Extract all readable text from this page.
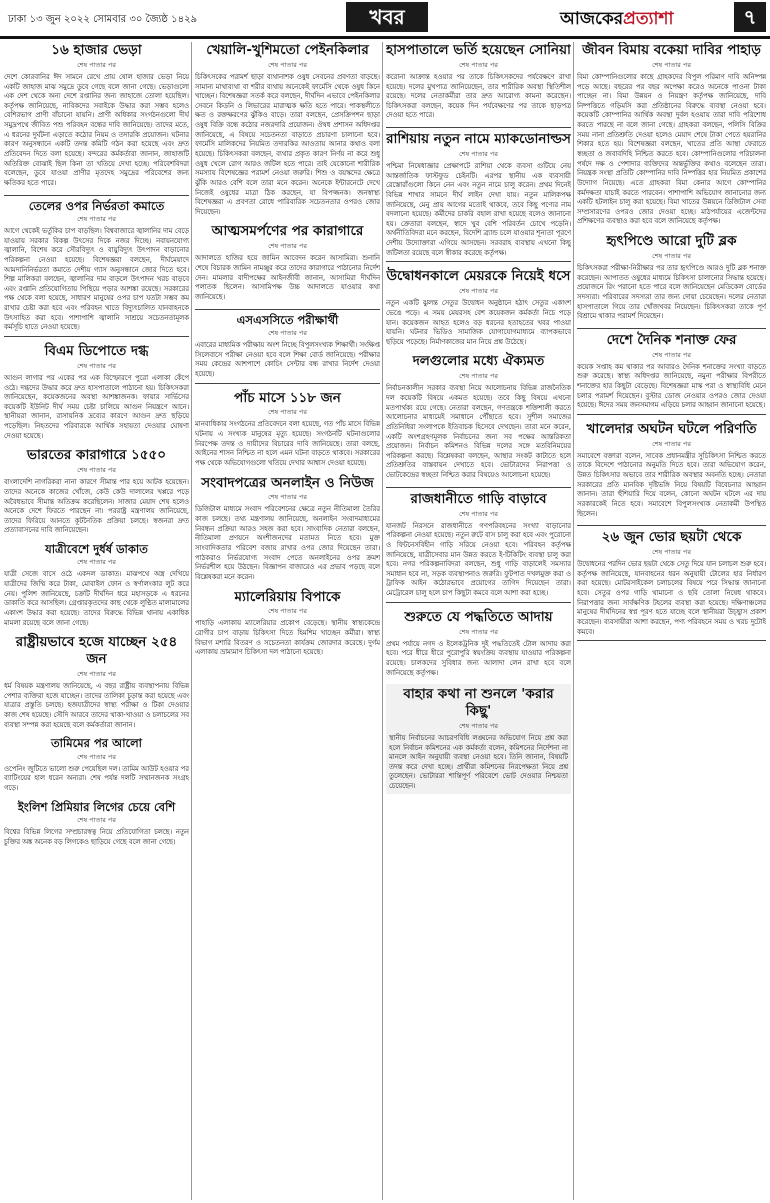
ঢাকা ১৩ জুন ২০২২ সোমবার ৩০ জ্যৈষ্ঠ ১৪২৯	খবর	আজকেরপ্রত্যাশা	৭
১৬ হাজার ভেড়া
শেষ পাতার পর

দেশে কোরবানির ঈদ সামনে রেখে প্রায় ষোল হাজার ভেড়া নিয়ে একটি জাহাজ মাঝ সমুদ্রে ডুবে গেছে বলে জানা গেছে। ভেড়াগুলো এক দেশ থেকে অন্য দেশে রপ্তানির জন্য জাহাজে তোলা হয়েছিল। কর্তৃপক্ষ জানিয়েছে, নাবিকদের সবাইকে উদ্ধার করা সম্ভব হলেও বেশিরভাগ প্রাণী বাঁচানো যায়নি। প্রাণী অধিকার সংগঠনগুলো দীর্ঘ সমুদ্রপথে জীবিত পশু পরিবহন বন্ধের দাবি জানিয়েছে। তাদের মতে, এ ধরনের দুর্ঘটনা এড়াতে কঠোর নিয়ম ও তদারকি প্রয়োজন। ঘটনার কারণ অনুসন্ধানে একটি তদন্ত কমিটি গঠন করা হয়েছে এবং দ্রুত প্রতিবেদন দিতে বলা হয়েছে। বন্দরের কর্মকর্তারা জানান, জাহাজটি অতিরিক্ত বোঝাই ছিল কিনা তা খতিয়ে দেখা হচ্ছে। পরিবেশবিদরা বলেছেন, ডুবে যাওয়া প্রাণীর মৃতদেহ সমুদ্রের পরিবেশের জন্য ক্ষতিকর হতে পারে।

তেলের ওপর নির্ভরতা কমাতে
শেষ পাতার পর

আগে থেকেই ভর্তুকির চাপ বাড়ছিল। বিশ্ববাজারে জ্বালানির দাম বেড়ে যাওয়ায় সরকার বিকল্প উৎসের দিকে নজর দিচ্ছে। নবায়নযোগ্য জ্বালানি, বিশেষ করে সৌরবিদ্যুৎ ও বায়ুবিদ্যুৎ উৎপাদন বাড়ানোর পরিকল্পনা নেওয়া হয়েছে। বিশেষজ্ঞরা বলছেন, দীর্ঘমেয়াদে আমদানিনির্ভরতা কমাতে দেশীয় গ্যাস অনুসন্ধানে জোর দিতে হবে। শিল্প মালিকরা বলছেন, জ্বালানির দাম বাড়লে উৎপাদন খরচ বাড়বে এবং রপ্তানি প্রতিযোগিতায় পিছিয়ে পড়ার আশঙ্কা রয়েছে। সরকারের পক্ষ থেকে বলা হয়েছে, সাধারণ মানুষের ওপর চাপ যতটা সম্ভব কম রাখার চেষ্টা করা হবে এবং পরিবহন খাতে বিদ্যুৎচালিত যানবাহনকে উৎসাহিত করা হবে। পাশাপাশি জ্বালানি সাশ্রয়ে সচেতনতামূলক কর্মসূচি হাতে নেওয়া হয়েছে।

বিএম ডিপোতে দগ্ধ
শেষ পাতার পর

আগুন লাগার পর একের পর এক বিস্ফোরণে পুরো এলাকা কেঁপে ওঠে। দগ্ধদের উদ্ধার করে দ্রুত হাসপাতালে পাঠানো হয়। চিকিৎসকরা জানিয়েছেন, কয়েকজনের অবস্থা আশঙ্কাজনক। ফায়ার সার্ভিসের কয়েকটি ইউনিট দীর্ঘ সময় চেষ্টা চালিয়ে আগুন নিয়ন্ত্রণে আনে। স্থানীয়রা জানান, রাসায়নিক দ্রব্যের কারণে আগুন দ্রুত ছড়িয়ে পড়েছিল। নিহতদের পরিবারকে আর্থিক সহায়তা দেওয়ার ঘোষণা দেওয়া হয়েছে।

ভারতের কারাগারে ১৫৫০
শেষ পাতার পর

বাংলাদেশি নাগরিকরা নানা কারণে সীমান্ত পার হয়ে আটক হয়েছেন। তাদের অনেকে কাজের খোঁজে, কেউ কেউ দালালের খপ্পরে পড়ে অবৈধভাবে সীমান্ত অতিক্রম করেছিলেন। সাজার মেয়াদ শেষ হলেও অনেকে দেশে ফিরতে পারছেন না। পররাষ্ট্র মন্ত্রণালয় জানিয়েছে, তাদের ফিরিয়ে আনতে কূটনৈতিক প্রক্রিয়া চলছে। স্বজনরা দ্রুত প্রত্যাবাসনের দাবি জানিয়েছেন।

যাত্রীবেশে দুর্ধর্ষ ডাকাত
শেষ পাতার পর

যাত্রী সেজে বাসে ওঠে একদল ডাকাত। মাঝপথে অস্ত্র দেখিয়ে যাত্রীদের জিম্মি করে টাকা, মোবাইল ফোন ও স্বর্ণালংকার লুট করে নেয়। পুলিশ জানিয়েছে, চক্রটি দীর্ঘদিন ধরে মহাসড়কে এ ধরনের ডাকাতি করে আসছিল। গ্রেপ্তারকৃতদের কাছ থেকে লুণ্ঠিত মালামালের একাংশ উদ্ধার করা হয়েছে। তাদের বিরুদ্ধে বিভিন্ন থানায় একাধিক মামলা রয়েছে বলে জানা গেছে।

রাষ্ট্রীয়ভাবে হজে যাচ্ছেন ২৫৪ জন
শেষ পাতার পর

ধর্ম বিষয়ক মন্ত্রণালয় জানিয়েছে, এ বছর রাষ্ট্রীয় ব্যবস্থাপনায় বিভিন্ন পেশার ব্যক্তিরা হজে যাচ্ছেন। তাদের তালিকা চূড়ান্ত করা হয়েছে এবং যাত্রার প্রস্তুতি চলছে। হজযাত্রীদের স্বাস্থ্য পরীক্ষা ও টিকা দেওয়ার কাজ শেষ হয়েছে। সৌদি আরবে তাদের থাকা-খাওয়া ও চলাচলের সব ব্যবস্থা সম্পন্ন করা হয়েছে বলে কর্মকর্তারা জানান।

তামিমের পর আলো
শেষ পাতার পর

ওপেনিং জুটিতে ভালো শুরু পেয়েছিল দল। তামিম আউট হওয়ার পর ব্যাটিংয়ের হাল ধরেন অন্যরা। শেষ পর্যন্ত দলটি সম্মানজনক সংগ্রহ গড়ে।

ইংলিশ প্রিমিয়ার লিগের চেয়ে বেশি
শেষ পাতার পর

বিশ্বের বিভিন্ন লিগের সম্প্রচারস্বত্ব নিয়ে প্রতিযোগিতা চলছে। নতুন চুক্তির অঙ্ক অনেক বড় লিগকেও ছাড়িয়ে গেছে বলে জানা গেছে।

খেয়ালি-খুশিমতো পেইনকিলার
শেষ পাতার পর

চিকিৎসকের পরামর্শ ছাড়া ব্যথানাশক ওষুধ সেবনের প্রবণতা বাড়ছে। সামান্য মাথাব্যথা বা শরীর ব্যথায় অনেকেই ফার্মেসি থেকে ওষুধ কিনে খাচ্ছেন। বিশেষজ্ঞরা সতর্ক করে বলছেন, দীর্ঘদিন এভাবে পেইনকিলার সেবনে কিডনি ও লিভারের মারাত্মক ক্ষতি হতে পারে। পাকস্থলীতে ক্ষত ও রক্তক্ষরণের ঝুঁকিও বাড়ে। তারা বলছেন, প্রেসক্রিপশন ছাড়া ওষুধ বিক্রি বন্ধে কঠোর নজরদারি প্রয়োজন। ঔষধ প্রশাসন অধিদপ্তর জানিয়েছে, এ বিষয়ে সচেতনতা বাড়াতে প্রচারণা চালানো হবে। ফার্মেসি মালিকদের নিয়মিত তদারকির আওতায় আনার কথাও বলা হয়েছে। চিকিৎসকরা বলছেন, ব্যথার প্রকৃত কারণ নির্ণয় না করে শুধু ওষুধ খেলে রোগ আরও জটিল হতে পারে। তাই যেকোনো শারীরিক সমস্যায় বিশেষজ্ঞের পরামর্শ নেওয়া জরুরি। শিশু ও বয়স্কদের ক্ষেত্রে ঝুঁকি আরও বেশি বলে তারা মনে করেন। অনেকে ইন্টারনেটে দেখে নিজেই ওষুধের মাত্রা ঠিক করছেন, যা বিপজ্জনক। জনস্বাস্থ্য বিশেষজ্ঞরা এ প্রবণতা রোধে পারিবারিক সচেতনতার ওপরও জোর দিয়েছেন।

আত্মসমর্পণের পর কারাগারে
শেষ পাতার পর

আদালতে হাজির হয়ে জামিন আবেদন করেন আসামিরা। শুনানি শেষে বিচারক জামিন নামঞ্জুর করে তাদের কারাগারে পাঠানোর নির্দেশ দেন। মামলার বাদীপক্ষের আইনজীবী জানান, আসামিরা দীর্ঘদিন পলাতক ছিলেন। আসামিপক্ষ উচ্চ আদালতে যাওয়ার কথা জানিয়েছে।

এসএসসিতে পরীক্ষার্থী
শেষ পাতার পর

এবারের মাধ্যমিক পরীক্ষায় অংশ নিচ্ছে বিপুলসংখ্যক শিক্ষার্থী। সংক্ষিপ্ত সিলেবাসে পরীক্ষা নেওয়া হবে বলে শিক্ষা বোর্ড জানিয়েছে। পরীক্ষার সময় কেন্দ্রের আশপাশে কোচিং সেন্টার বন্ধ রাখার নির্দেশ দেওয়া হয়েছে।

পাঁচ মাসে ১১৮ জন
শেষ পাতার পর

মানবাধিকার সংগঠনের প্রতিবেদনে বলা হয়েছে, গত পাঁচ মাসে বিভিন্ন ঘটনায় এ সংখ্যক মানুষের মৃত্যু হয়েছে। সংগঠনটি ঘটনাগুলোর নিরপেক্ষ তদন্ত ও দায়ীদের বিচারের দাবি জানিয়েছে। তারা বলছে, আইনের শাসন নিশ্চিত না হলে এমন ঘটনা বাড়তে থাকবে। সরকারের পক্ষ থেকে অভিযোগগুলো খতিয়ে দেখার আশ্বাস দেওয়া হয়েছে।

সংবাদপত্রের অনলাইন ও নিউজ
শেষ পাতার পর

ডিজিটাল মাধ্যমে সংবাদ পরিবেশনের ক্ষেত্রে নতুন নীতিমালা তৈরির কাজ চলছে। তথ্য মন্ত্রণালয় জানিয়েছে, অনলাইন সংবাদমাধ্যমের নিবন্ধন প্রক্রিয়া আরও সহজ করা হবে। সাংবাদিক নেতারা বলছেন, নীতিমালা প্রণয়নে অংশীজনদের মতামত নিতে হবে। মুক্ত সাংবাদিকতার পরিবেশ বজায় রাখার ওপর জোর দিয়েছেন তারা। পাঠকরাও নির্ভরযোগ্য সংবাদ পেতে অনলাইনের ওপর ক্রমশ নির্ভরশীল হয়ে উঠছেন। বিজ্ঞাপন বাজারেও এর প্রভাব পড়ছে বলে বিশ্লেষকরা মনে করেন।

ম্যালেরিয়ায় বিপাকে
শেষ পাতার পর

পাহাড়ি এলাকায় ম্যালেরিয়ার প্রকোপ বেড়েছে। স্থানীয় স্বাস্থ্যকেন্দ্রে রোগীর চাপ বাড়ায় চিকিৎসা দিতে হিমশিম খাচ্ছেন কর্মীরা। স্বাস্থ্য বিভাগ মশারি বিতরণ ও সচেতনতা কার্যক্রম জোরদার করেছে। দুর্গম এলাকায় ভ্রাম্যমাণ চিকিৎসা দল পাঠানো হয়েছে।

হাসপাতালে ভর্তি হয়েছেন সোনিয়া
শেষ পাতার পর

করোনা আক্রান্ত হওয়ার পর তাকে চিকিৎসকদের পর্যবেক্ষণে রাখা হয়েছে। দলের মুখপাত্র জানিয়েছেন, তার শারীরিক অবস্থা স্থিতিশীল রয়েছে। দলের নেতাকর্মীরা তার দ্রুত আরোগ্য কামনা করেছেন। চিকিৎসকরা বলছেন, কয়েক দিন পর্যবেক্ষণের পর তাকে ছাড়পত্র দেওয়া হতে পারে।

রাশিয়ায় নতুন নামে ম্যাকডোনাল্ডস
শেষ পাতার পর

পশ্চিমা নিষেধাজ্ঞার প্রেক্ষাপটে রাশিয়া থেকে ব্যবসা গুটিয়ে নেয় আন্তর্জাতিক ফাস্টফুড চেইনটি। এরপর স্থানীয় এক ব্যবসায়ী রেস্তোরাঁগুলো কিনে নেন এবং নতুন নামে চালু করেন। প্রথম দিনেই বিভিন্ন শাখার সামনে দীর্ঘ লাইন দেখা যায়। নতুন মালিকপক্ষ জানিয়েছে, মেনু প্রায় আগের মতোই থাকবে, তবে কিছু পণ্যের নাম বদলানো হয়েছে। কর্মীদের চাকরি বহাল রাখা হয়েছে বলেও জানানো হয়। ক্রেতারা বলছেন, স্বাদে খুব বেশি পরিবর্তন চোখে পড়েনি। অর্থনীতিবিদরা মনে করছেন, বিদেশি ব্র্যান্ড চলে যাওয়ার শূন্যতা পূরণে দেশীয় উদ্যোক্তারা এগিয়ে আসছেন। সরবরাহ ব্যবস্থায় এখনো কিছু জটিলতা রয়েছে বলে স্বীকার করেছে কর্তৃপক্ষ।

উদ্বোধনকালে মেয়রকে নিয়েই ধসে
শেষ পাতার পর

নতুন একটি ঝুলন্ত সেতুর উদ্বোধন অনুষ্ঠানে হঠাৎ সেতুর একাংশ ভেঙে পড়ে। এ সময় মেয়রসহ বেশ কয়েকজন কর্মকর্তা নিচে পড়ে যান। কয়েকজন আহত হলেও বড় ধরনের হতাহতের খবর পাওয়া যায়নি। ঘটনার ভিডিও সামাজিক যোগাযোগমাধ্যমে ব্যাপকভাবে ছড়িয়ে পড়েছে। নির্মাণকাজের মান নিয়ে প্রশ্ন উঠেছে।

দলগুলোর মধ্যে ঐক্যমত
শেষ পাতার পর

নির্বাচনকালীন সরকার ব্যবস্থা নিয়ে আলোচনায় বিভিন্ন রাজনৈতিক দল কয়েকটি বিষয়ে একমত হয়েছে। তবে কিছু বিষয়ে এখনো মতপার্থক্য রয়ে গেছে। নেতারা বলছেন, গণতন্ত্রকে শক্তিশালী করতে আলোচনার মাধ্যমেই সমাধানে পৌঁছাতে হবে। সুশীল সমাজের প্রতিনিধিরা সংলাপকে ইতিবাচক হিসেবে দেখছেন। তারা মনে করেন, একটি অংশগ্রহণমূলক নির্বাচনের জন্য সব পক্ষের আন্তরিকতা প্রয়োজন। নির্বাচন কমিশনও বিভিন্ন দলের সঙ্গে মতবিনিময়ের পরিকল্পনা করছে। বিশ্লেষকরা বলছেন, আস্থার সংকট কাটাতে হলে প্রতিশ্রুতির বাস্তবায়ন দেখাতে হবে। ভোটারদের নিরাপত্তা ও ভোটকেন্দ্রের স্বচ্ছতা নিশ্চিত করার বিষয়েও আলোচনা হয়েছে।

রাজধানীতে গাড়ি বাড়াবে
শেষ পাতার পর

যানজট নিরসনে রাজধানীতে গণপরিবহনের সংখ্যা বাড়ানোর পরিকল্পনা নেওয়া হয়েছে। নতুন রুটে বাস চালু করা হবে এবং পুরোনো ও ফিটনেসবিহীন গাড়ি সরিয়ে নেওয়া হবে। পরিবহন কর্তৃপক্ষ জানিয়েছে, যাত্রীসেবার মান উন্নত করতে ই-টিকিটিং ব্যবস্থা চালু করা হবে। নগর পরিকল্পনাবিদরা বলছেন, শুধু গাড়ি বাড়ালেই সমস্যার সমাধান হবে না, সড়ক ব্যবস্থাপনাও জরুরি। ফুটপাত দখলমুক্ত করা ও ট্রাফিক আইন কঠোরভাবে প্রয়োগের তাগিদ দিয়েছেন তারা। মেট্রোরেল চালু হলে চাপ কিছুটা কমবে বলে আশা করা হচ্ছে।

শুরুতে যে পদ্ধতিতে আদায়
শেষ পাতার পর

প্রথম পর্যায়ে নগদ ও ইলেকট্রনিক দুই পদ্ধতিতেই টোল আদায় করা হবে। পরে ধীরে ধীরে পুরোপুরি স্বয়ংক্রিয় ব্যবস্থায় যাওয়ার পরিকল্পনা রয়েছে। চালকদের সুবিধার জন্য আলাদা লেন রাখা হবে বলে জানিয়েছে কর্তৃপক্ষ।

বাহার কথা না শুনলে 'করার কিছু'
শেষ পাতার পর

স্থানীয় নির্বাচনের আচরণবিধি লঙ্ঘনের অভিযোগ নিয়ে প্রশ্ন করা হলে নির্বাচন কমিশনের এক কর্মকর্তা বলেন, কমিশনের নির্দেশনা না মানলে আইন অনুযায়ী ব্যবস্থা নেওয়া হবে। তিনি জানান, বিষয়টি তদন্ত করে দেখা হচ্ছে। প্রার্থীরা কমিশনের নিরপেক্ষতা নিয়ে প্রশ্ন তুলেছেন। ভোটাররা শান্তিপূর্ণ পরিবেশে ভোট দেওয়ার নিশ্চয়তা চেয়েছেন।

জীবন বিমায় বকেয়া দাবির পাহাড়
শেষ পাতার পর

বিমা কোম্পানিগুলোর কাছে গ্রাহকদের বিপুল পরিমাণ দাবি অনিষ্পন্ন পড়ে আছে। বছরের পর বছর অপেক্ষা করেও অনেকে পাওনা টাকা পাচ্ছেন না। বিমা উন্নয়ন ও নিয়ন্ত্রণ কর্তৃপক্ষ জানিয়েছে, দাবি নিষ্পত্তিতে গড়িমসি করা প্রতিষ্ঠানের বিরুদ্ধে ব্যবস্থা নেওয়া হবে। কয়েকটি কোম্পানির আর্থিক অবস্থা দুর্বল হওয়ায় তারা দাবি পরিশোধ করতে পারছে না বলে জানা গেছে। গ্রাহকরা বলছেন, পলিসি বিক্রির সময় নানা প্রতিশ্রুতি দেওয়া হলেও মেয়াদ শেষে টাকা পেতে হয়রানির শিকার হতে হয়। বিশেষজ্ঞরা বলছেন, খাতের প্রতি আস্থা ফেরাতে স্বচ্ছতা ও জবাবদিহি নিশ্চিত করতে হবে। কোম্পানিগুলোর পরিচালনা পর্ষদে দক্ষ ও পেশাদার ব্যক্তিদের অন্তর্ভুক্তির কথাও বলেছেন তারা। নিয়ন্ত্রক সংস্থা প্রতিটি কোম্পানির দাবি নিষ্পত্তির হার নিয়মিত প্রকাশের উদ্যোগ নিয়েছে। এতে গ্রাহকরা বিমা কেনার আগে কোম্পানির কর্মদক্ষতা যাচাই করতে পারবেন। পাশাপাশি অভিযোগ জানানোর জন্য একটি হটলাইন চালু করা হয়েছে। বিমা খাতের উন্নয়নে ডিজিটাল সেবা সম্প্রসারণের ওপরও জোর দেওয়া হচ্ছে। মাঠপর্যায়ের এজেন্টদের প্রশিক্ষণের ব্যবস্থাও করা হবে বলে জানিয়েছে কর্তৃপক্ষ।

হৃৎপিণ্ডে আরো দুটি ব্লক
শেষ পাতার পর

চিকিৎসকরা পরীক্ষা-নিরীক্ষার পর তার হৃৎপিণ্ডে আরও দুটি ব্লক শনাক্ত করেছেন। আপাতত ওষুধের মাধ্যমে চিকিৎসা চালানোর সিদ্ধান্ত হয়েছে। প্রয়োজনে রিং পরানো হতে পারে বলে জানিয়েছেন মেডিকেল বোর্ডের সদস্যরা। পরিবারের সদস্যরা তার জন্য দোয়া চেয়েছেন। দলের নেতারা হাসপাতালে গিয়ে তার খোঁজখবর নিয়েছেন। চিকিৎসকরা তাকে পূর্ণ বিশ্রামে থাকার পরামর্শ দিয়েছেন।

দেশে দৈনিক শনাক্ত ফের
শেষ পাতার পর

কয়েক সপ্তাহ কম থাকার পর আবারও দৈনিক শনাক্তের সংখ্যা বাড়তে শুরু করেছে। স্বাস্থ্য অধিদপ্তর জানিয়েছে, নমুনা পরীক্ষার বিপরীতে শনাক্তের হার কিছুটা বেড়েছে। বিশেষজ্ঞরা মাস্ক পরা ও স্বাস্থ্যবিধি মেনে চলার পরামর্শ দিয়েছেন। বুস্টার ডোজ নেওয়ার ওপরও জোর দেওয়া হয়েছে। ঈদের সময় জনসমাগম এড়িয়ে চলার আহ্বান জানানো হয়েছে।

খালেদার অঘটন ঘটলে পরিণতি
শেষ পাতার পর

সমাবেশে বক্তারা বলেন, সাবেক প্রধানমন্ত্রীর সুচিকিৎসা নিশ্চিত করতে তাকে বিদেশে পাঠানোর অনুমতি দিতে হবে। তারা অভিযোগ করেন, উন্নত চিকিৎসার অভাবে তার শারীরিক অবস্থার অবনতি হচ্ছে। নেতারা সরকারের প্রতি মানবিক দৃষ্টিভঙ্গি নিয়ে বিষয়টি বিবেচনার আহ্বান জানান। তারা হুঁশিয়ারি দিয়ে বলেন, কোনো অঘটন ঘটলে এর দায় সরকারকেই নিতে হবে। সমাবেশে বিপুলসংখ্যক নেতাকর্মী উপস্থিত ছিলেন।

২৬ জুন ভোর ছয়টা থেকে
শেষ পাতার পর

উদ্বোধনের পরদিন ভোর ছয়টা থেকে সেতু দিয়ে যান চলাচল শুরু হবে। কর্তৃপক্ষ জানিয়েছে, যানবাহনের ধরন অনুযায়ী টোলের হার নির্ধারণ করা হয়েছে। মোটরসাইকেল চলাচলের বিষয়ে পরে সিদ্ধান্ত জানানো হবে। সেতুর ওপর গাড়ি থামানো ও ছবি তোলা নিষেধ থাকবে। নিরাপত্তার জন্য সার্বক্ষণিক টহলের ব্যবস্থা করা হয়েছে। দক্ষিণাঞ্চলের মানুষের দীর্ঘদিনের স্বপ্ন পূরণ হতে যাচ্ছে বলে স্থানীয়রা উচ্ছ্বাস প্রকাশ করেছেন। ব্যবসায়ীরা আশা করছেন, পণ্য পরিবহনে সময় ও খরচ দুটোই কমবে।
